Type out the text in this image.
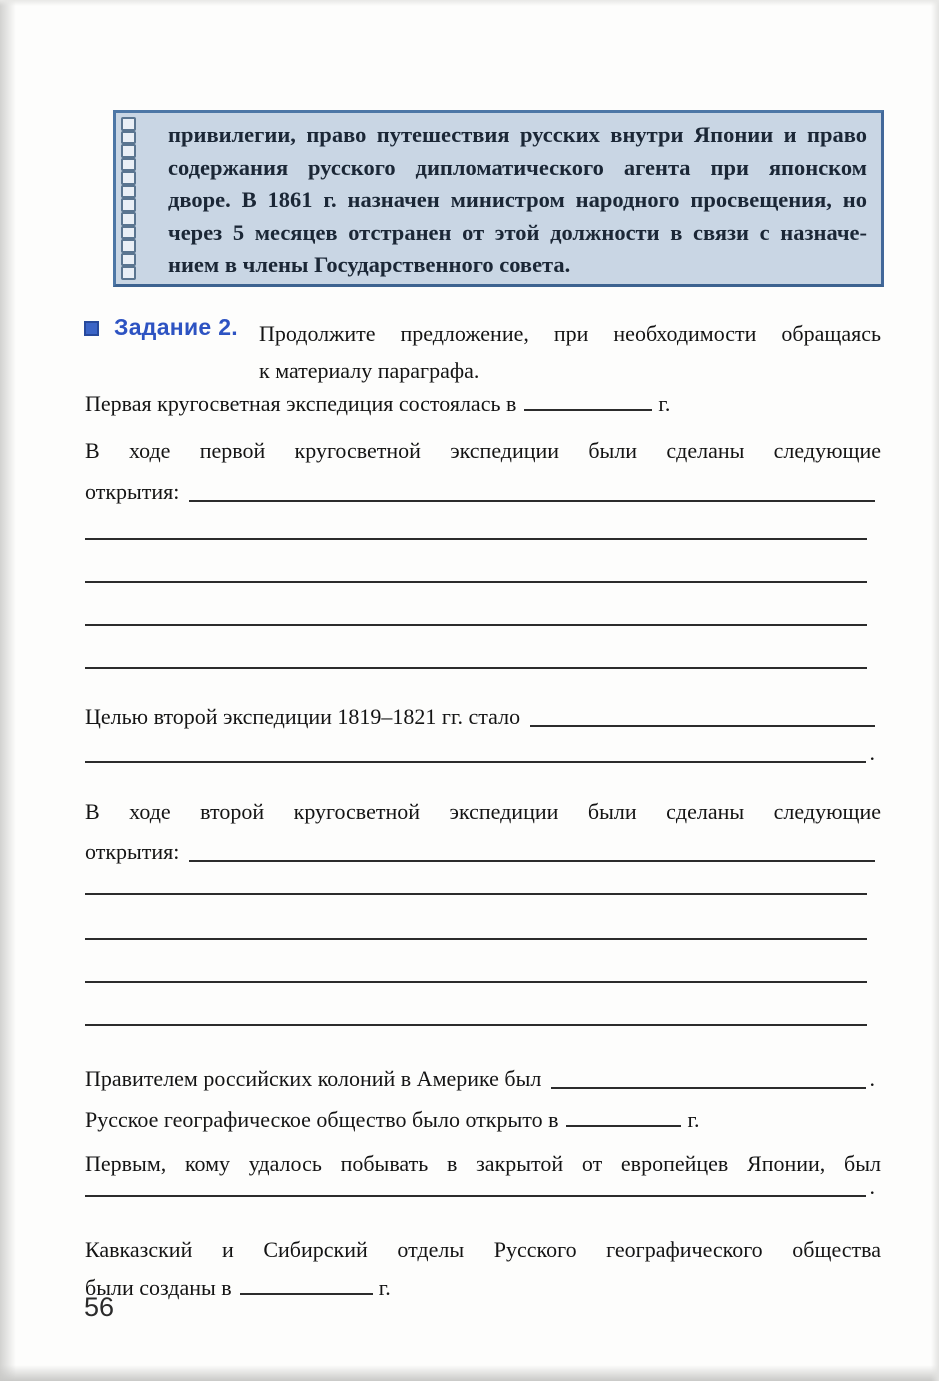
привилегии, право путешествия русских внутри Японии и право
содержания русского дипломатического агента при японском
дворе. В 1861 г. назначен министром народного просвещения, но
через 5 месяцев отстранен от этой должности в связи с назначе-
нием в члены Государственного совета.
Задание 2. Продолжите предложение, при необходимости обращаясь
к материалу параграфа.
Первая кругосветная экспедиция состоялась в	г.
В ходе первой кругосветной экспедиции были сделаны следующие
открытия:
Целью второй экспедиции 1819–1821 гг. стало
.
В ходе второй кругосветной экспедиции были сделаны следующие
открытия:
Правителем российских колоний в Америке был	.
Русское географическое общество было открыто в	г.
Первым, кому удалось побывать в закрытой от европейцев Японии, был
.
Кавказский и Сибирский отделы Русского географического общества
были созданы в	г.
56
